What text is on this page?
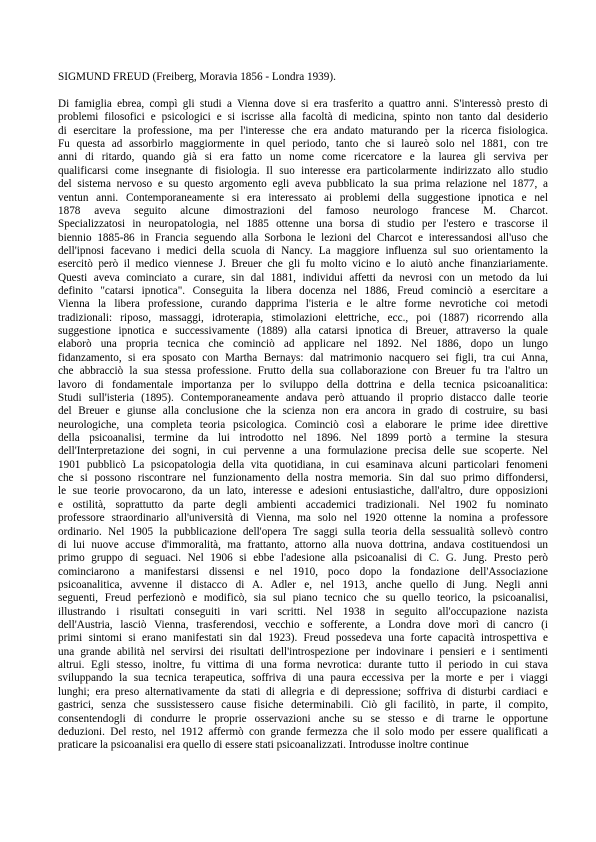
SIGMUND FREUD (Freiberg, Moravia 1856 - Londra 1939).
Di famiglia ebrea, compì gli studi a Vienna dove si era trasferito a quattro anni. S'interessò presto di
problemi filosofici e psicologici e si iscrisse alla facoltà di medicina, spinto non tanto dal desiderio
di esercitare la professione, ma per l'interesse che era andato maturando per la ricerca fisiologica.
Fu questa ad assorbirlo maggiormente in quel periodo, tanto che si laureò solo nel 1881, con tre
anni di ritardo, quando già si era fatto un nome come ricercatore e la laurea gli serviva per
qualificarsi come insegnante di fisiologia. Il suo interesse era particolarmente indirizzato allo studio
del sistema nervoso e su questo argomento egli aveva pubblicato la sua prima relazione nel 1877, a
ventun anni. Contemporaneamente si era interessato ai problemi della suggestione ipnotica e nel
1878 aveva seguito alcune dimostrazioni del famoso neurologo francese M. Charcot.
Specializzatosi in neuropatologia, nel 1885 ottenne una borsa di studio per l'estero e trascorse il
biennio 1885-86 in Francia seguendo alla Sorbona le lezioni del Charcot e interessandosi all'uso che
dell'ipnosi facevano i medici della scuola di Nancy. La maggiore influenza sul suo orientamento la
esercitò però il medico viennese J. Breuer che gli fu molto vicino e lo aiutò anche finanziariamente.
Questi aveva cominciato a curare, sin dal 1881, individui affetti da nevrosi con un metodo da lui
definito "catarsi ipnotica". Conseguita la libera docenza nel 1886, Freud cominciò a esercitare a
Vienna la libera professione, curando dapprima l'isteria e le altre forme nevrotiche coi metodi
tradizionali: riposo, massaggi, idroterapia, stimolazioni elettriche, ecc., poi (1887) ricorrendo alla
suggestione ipnotica e successivamente (1889) alla catarsi ipnotica di Breuer, attraverso la quale
elaborò una propria tecnica che cominciò ad applicare nel 1892. Nel 1886, dopo un lungo
fidanzamento, si era sposato con Martha Bernays: dal matrimonio nacquero sei figli, tra cui Anna,
che abbracciò la sua stessa professione. Frutto della sua collaborazione con Breuer fu tra l'altro un
lavoro di fondamentale importanza per lo sviluppo della dottrina e della tecnica psicoanalitica:
Studi sull'isteria (1895). Contemporaneamente andava però attuando il proprio distacco dalle teorie
del Breuer e giunse alla conclusione che la scienza non era ancora in grado di costruire, su basi
neurologiche, una completa teoria psicologica. Cominciò così a elaborare le prime idee direttive
della psicoanalisi, termine da lui introdotto nel 1896. Nel 1899 portò a termine la stesura
dell'Interpretazione dei sogni, in cui pervenne a una formulazione precisa delle sue scoperte. Nel
1901 pubblicò La psicopatologia della vita quotidiana, in cui esaminava alcuni particolari fenomeni
che si possono riscontrare nel funzionamento della nostra memoria. Sin dal suo primo diffondersi,
le sue teorie provocarono, da un lato, interesse e adesioni entusiastiche, dall'altro, dure opposizioni
e ostilità, soprattutto da parte degli ambienti accademici tradizionali. Nel 1902 fu nominato
professore straordinario all'università di Vienna, ma solo nel 1920 ottenne la nomina a professore
ordinario. Nel 1905 la pubblicazione dell'opera Tre saggi sulla teoria della sessualità sollevò contro
di lui nuove accuse d'immoralità, ma frattanto, attorno alla nuova dottrina, andava costituendosi un
primo gruppo di seguaci. Nel 1906 si ebbe l'adesione alla psicoanalisi di C. G. Jung. Presto però
cominciarono a manifestarsi dissensi e nel 1910, poco dopo la fondazione dell'Associazione
psicoanalitica, avvenne il distacco di A. Adler e, nel 1913, anche quello di Jung. Negli anni
seguenti, Freud perfezionò e modificò, sia sul piano tecnico che su quello teorico, la psicoanalisi,
illustrando i risultati conseguiti in vari scritti. Nel 1938 in seguito all'occupazione nazista
dell'Austria, lasciò Vienna, trasferendosi, vecchio e sofferente, a Londra dove morì di cancro (i
primi sintomi si erano manifestati sin dal 1923). Freud possedeva una forte capacità introspettiva e
una grande abilità nel servirsi dei risultati dell'introspezione per indovinare i pensieri e i sentimenti
altrui. Egli stesso, inoltre, fu vittima di una forma nevrotica: durante tutto il periodo in cui stava
sviluppando la sua tecnica terapeutica, soffriva di una paura eccessiva per la morte e per i viaggi
lunghi; era preso alternativamente da stati di allegria e di depressione; soffriva di disturbi cardiaci e
gastrici, senza che sussistessero cause fisiche determinabili. Ciò gli facilitò, in parte, il compito,
consentendogli di condurre le proprie osservazioni anche su se stesso e di trarne le opportune
deduzioni. Del resto, nel 1912 affermò con grande fermezza che il solo modo per essere qualificati a
praticare la psicoanalisi era quello di essere stati psicoanalizzati. Introdusse inoltre continue
